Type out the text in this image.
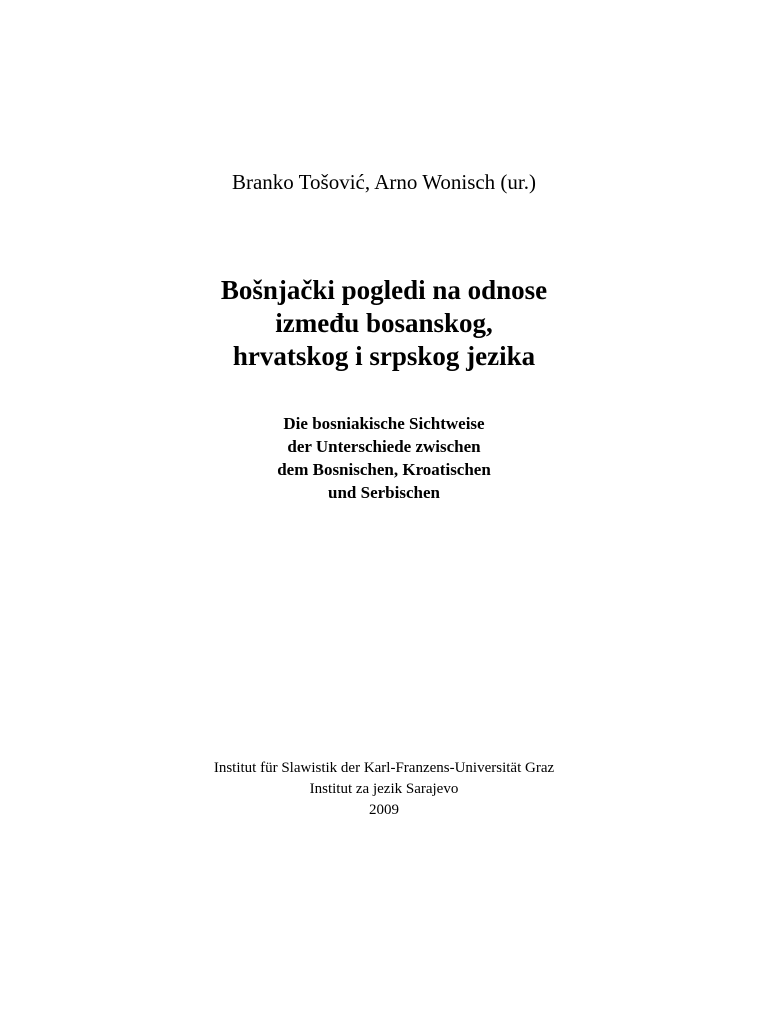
Branko Tošović, Arno Wonisch (ur.)
Bošnjački pogledi na odnose
između bosanskog,
hrvatskog i srpskog jezika
Die bosniakische Sichtweise
der Unterschiede zwischen
dem Bosnischen, Kroatischen
und Serbischen
Institut für Slawistik der Karl-Franzens-Universität Graz
Institut za jezik Sarajevo
2009
